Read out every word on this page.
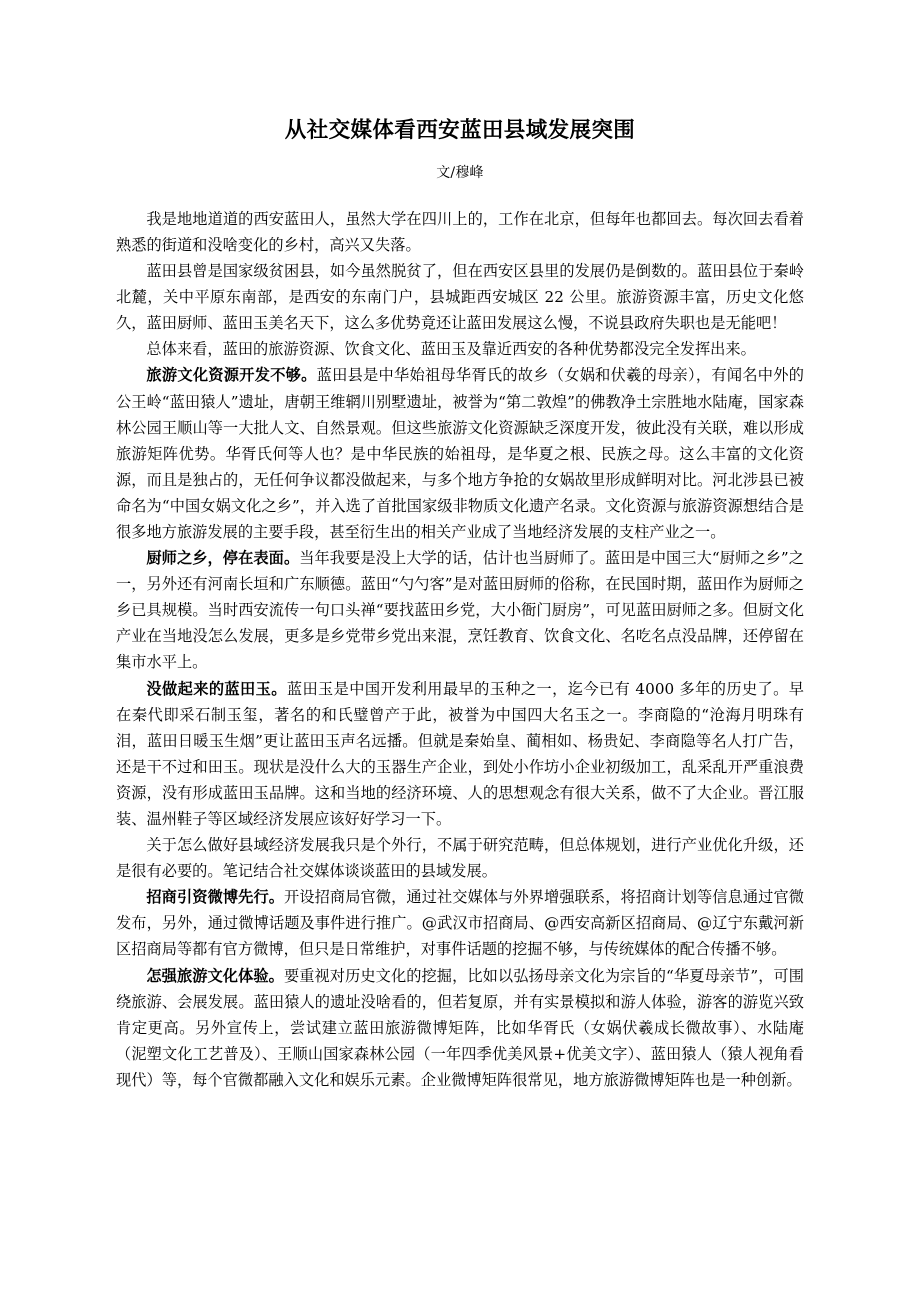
从社交媒体看西安蓝田县域发展突围
文/穆峰

我是地地道道的西安蓝田人，虽然大学在四川上的，工作在北京，但每年也都回去。每次回去看着熟悉的街道和没啥变化的乡村，高兴又失落。

蓝田县曾是国家级贫困县，如今虽然脱贫了，但在西安区县里的发展仍是倒数的。蓝田县位于秦岭北麓，关中平原东南部，是西安的东南门户，县城距西安城区 22 公里。旅游资源丰富，历史文化悠久，蓝田厨师、蓝田玉美名天下，这么多优势竟还让蓝田发展这么慢，不说县政府失职也是无能吧！

总体来看，蓝田的旅游资源、饮食文化、蓝田玉及靠近西安的各种优势都没完全发挥出来。

旅游文化资源开发不够。蓝田县是中华始祖母华胥氏的故乡（女娲和伏羲的母亲），有闻名中外的公王岭“蓝田猿人”遗址，唐朝王维辋川别墅遗址，被誉为“第二敦煌”的佛教净土宗胜地水陆庵，国家森林公园王顺山等一大批人文、自然景观。但这些旅游文化资源缺乏深度开发，彼此没有关联，难以形成旅游矩阵优势。华胥氏何等人也？是中华民族的始祖母，是华夏之根、民族之母。这么丰富的文化资源，而且是独占的，无任何争议都没做起来，与多个地方争抢的女娲故里形成鲜明对比。河北涉县已被命名为“中国女娲文化之乡”，并入选了首批国家级非物质文化遗产名录。文化资源与旅游资源想结合是很多地方旅游发展的主要手段，甚至衍生出的相关产业成了当地经济发展的支柱产业之一。

厨师之乡，停在表面。当年我要是没上大学的话，估计也当厨师了。蓝田是中国三大“厨师之乡”之一，另外还有河南长垣和广东顺德。蓝田“勺勺客”是对蓝田厨师的俗称，在民国时期，蓝田作为厨师之乡已具规模。当时西安流传一句口头禅“要找蓝田乡党，大小衙门厨房”，可见蓝田厨师之多。但厨文化产业在当地没怎么发展，更多是乡党带乡党出来混，烹饪教育、饮食文化、名吃名点没品牌，还停留在集市水平上。

没做起来的蓝田玉。蓝田玉是中国开发利用最早的玉种之一，迄今已有 4000 多年的历史了。早在秦代即采石制玉玺，著名的和氏璧曾产于此，被誉为中国四大名玉之一。李商隐的“沧海月明珠有泪，蓝田日暖玉生烟”更让蓝田玉声名远播。但就是秦始皇、蔺相如、杨贵妃、李商隐等名人打广告，还是干不过和田玉。现状是没什么大的玉器生产企业，到处小作坊小企业初级加工，乱采乱开严重浪费资源，没有形成蓝田玉品牌。这和当地的经济环境、人的思想观念有很大关系，做不了大企业。晋江服装、温州鞋子等区域经济发展应该好好学习一下。

关于怎么做好县域经济发展我只是个外行，不属于研究范畴，但总体规划，进行产业优化升级，还是很有必要的。笔记结合社交媒体谈谈蓝田的县域发展。

招商引资微博先行。开设招商局官微，通过社交媒体与外界增强联系，将招商计划等信息通过官微发布，另外，通过微博话题及事件进行推广。@武汉市招商局、@西安高新区招商局、@辽宁东戴河新区招商局等都有官方微博，但只是日常维护，对事件话题的挖掘不够，与传统媒体的配合传播不够。

怎强旅游文化体验。要重视对历史文化的挖掘，比如以弘扬母亲文化为宗旨的“华夏母亲节”，可围绕旅游、会展发展。蓝田猿人的遗址没啥看的，但若复原，并有实景模拟和游人体验，游客的游览兴致肯定更高。另外宣传上，尝试建立蓝田旅游微博矩阵，比如华胥氏（女娲伏羲成长微故事）、水陆庵（泥塑文化工艺普及）、王顺山国家森林公园（一年四季优美风景+优美文字）、蓝田猿人（猿人视角看现代）等，每个官微都融入文化和娱乐元素。企业微博矩阵很常见，地方旅游微博矩阵也是一种创新。
